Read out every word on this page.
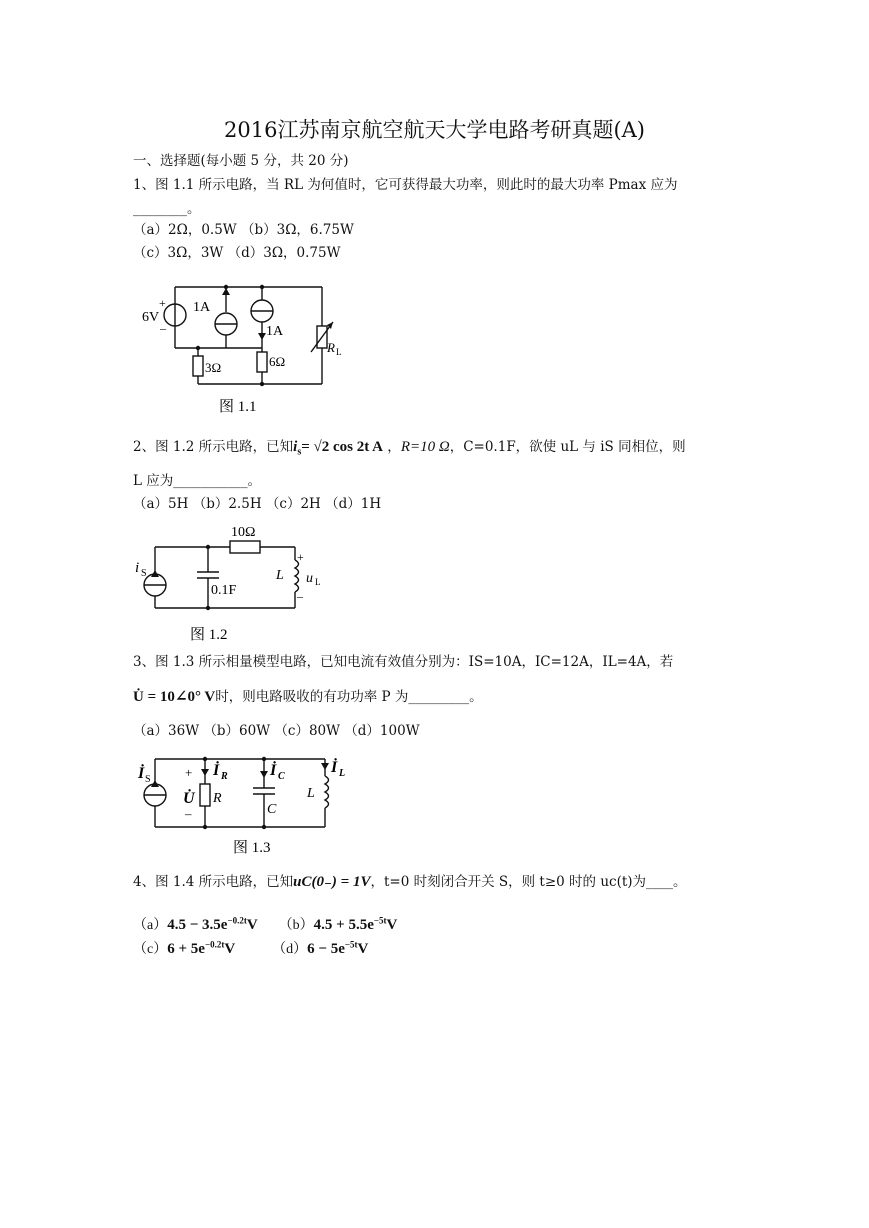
2016江苏南京航空航天大学电路考研真题(A)
一、选择题(每小题 5 分，共 20 分)
1、图 1.1 所示电路，当 RL 为何值时，它可获得最大功率，则此时的最大功率 Pmax 应为
________。
（a）2Ω，0.5W （b）3Ω，6.75W
（c）3Ω，3W （d）3Ω，0.75W
6V
+
–
1A
1A
3Ω	6Ω
R L
图 1.1
2、图 1.2 所示电路，已知$i_s= √2$ cos 2t A ，R=10 Ω，C=0.1F，欲使 uL 与 iS 同相位，则
L 应为___________。
（a）5H （b）2.5H （c）2H （d）1H
10Ω
i S
0.1F
L u L
+
–
图 1.2
3、图 1.3 所示相量模型电路，已知电流有效值分别为：IS=10A，IC=12A，IL=4A，若
U̇ = 10∠0° V时，则电路吸收的有功功率 P 为_________。
（a）36W （b）60W （c）80W （d）100W
İ S	+
U̇
–
İ R
R
İ C
C
İ L
L
图 1.3
4、图 1.4 所示电路，已知uC(0₋) = 1V，t=0 时刻闭合开关 S，则 t≥0 时的 uc(t)为____。
$(a)4.5 - 3.5e^{-0.2t}V$ $(b)4.5 + 5.5e^{-5t}V$
$(c)6 + 5e^{-0.2t}V$	$(d)6 - 5e^{-5t}V$
